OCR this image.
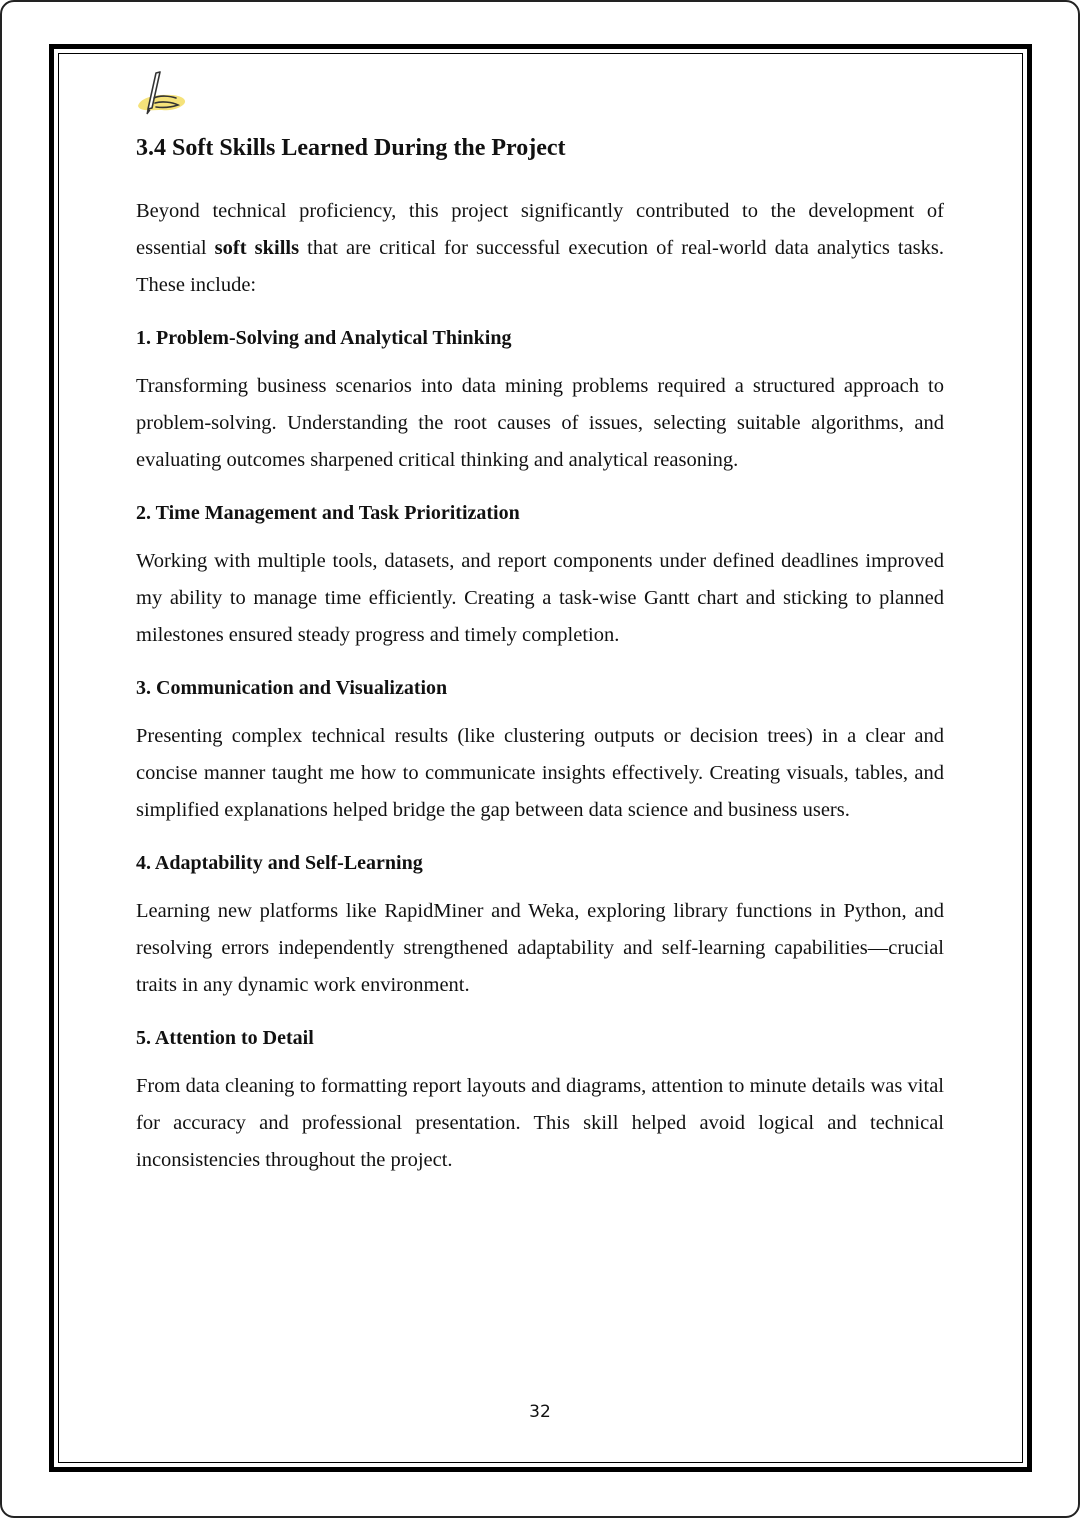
3.4 Soft Skills Learned During the Project

Beyond technical proficiency, this project significantly contributed to the development of essential soft skills that are critical for successful execution of real-world data analytics tasks. These include:

1. Problem-Solving and Analytical Thinking

Transforming business scenarios into data mining problems required a structured approach to problem-solving. Understanding the root causes of issues, selecting suitable algorithms, and evaluating outcomes sharpened critical thinking and analytical reasoning.

2. Time Management and Task Prioritization

Working with multiple tools, datasets, and report components under defined deadlines improved my ability to manage time efficiently. Creating a task-wise Gantt chart and sticking to planned milestones ensured steady progress and timely completion.

3. Communication and Visualization

Presenting complex technical results (like clustering outputs or decision trees) in a clear and concise manner taught me how to communicate insights effectively. Creating visuals, tables, and simplified explanations helped bridge the gap between data science and business users.

4. Adaptability and Self-Learning

Learning new platforms like RapidMiner and Weka, exploring library functions in Python, and resolving errors independently strengthened adaptability and self-learning capabilities—crucial traits in any dynamic work environment.

5. Attention to Detail

From data cleaning to formatting report layouts and diagrams, attention to minute details was vital for accuracy and professional presentation. This skill helped avoid logical and technical inconsistencies throughout the project.

32
